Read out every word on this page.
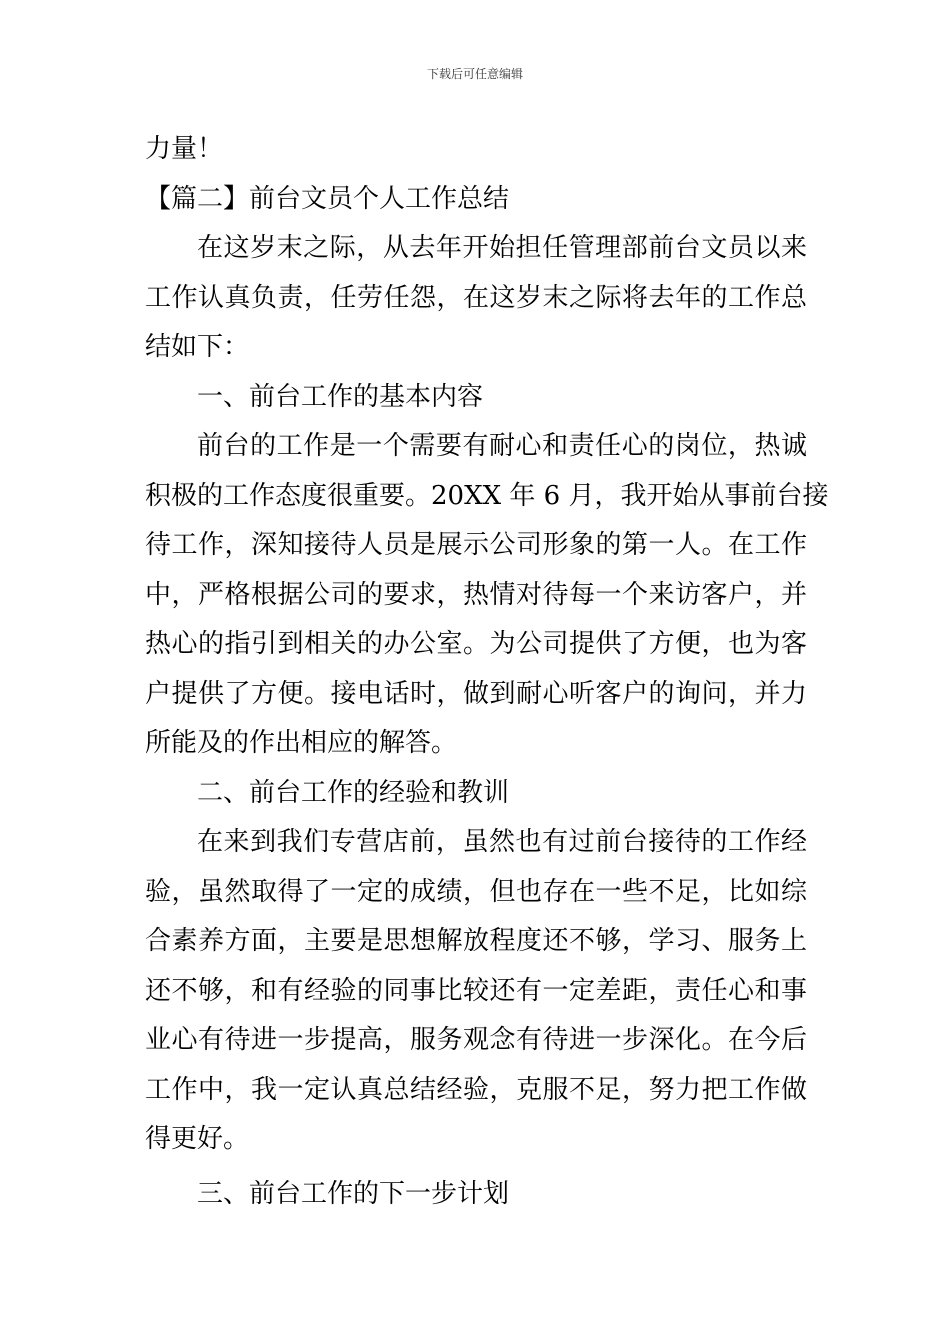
下载后可任意编辑
力量！
【篇二】前台文员个人工作总结
在这岁末之际，从去年开始担任管理部前台文员以来
工作认真负责，任劳任怨，在这岁末之际将去年的工作总
结如下：
一、前台工作的基本内容
前台的工作是一个需要有耐心和责任心的岗位，热诚
积极的工作态度很重要。20XX 年 6 月，我开始从事前台接
待工作，深知接待人员是展示公司形象的第一人。在工作
中，严格根据公司的要求，热情对待每一个来访客户，并
热心的指引到相关的办公室。为公司提供了方便，也为客
户提供了方便。接电话时，做到耐心听客户的询问，并力
所能及的作出相应的解答。
二、前台工作的经验和教训
在来到我们专营店前，虽然也有过前台接待的工作经
验，虽然取得了一定的成绩，但也存在一些不足，比如综
合素养方面，主要是思想解放程度还不够，学习、服务上
还不够，和有经验的同事比较还有一定差距，责任心和事
业心有待进一步提高，服务观念有待进一步深化。在今后
工作中，我一定认真总结经验，克服不足，努力把工作做
得更好。
三、前台工作的下一步计划
